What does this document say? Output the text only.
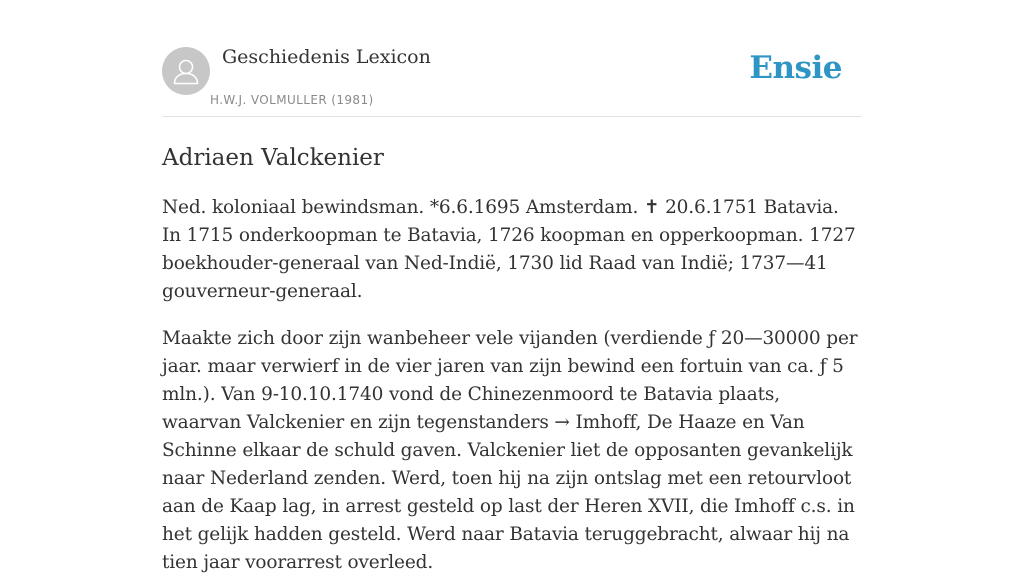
Geschiedenis Lexicon
H.W.J. VOLMULLER (1981)
Ensie
Adriaen Valckenier

Ned. koloniaal bewindsman. *6.6.1695 Amsterdam. ✝ 20.6.1751 Batavia. In 1715 onderkoopman te Batavia, 1726 koopman en opperkoopman. 1727 boekhouder-generaal van Ned-Indië, 1730 lid Raad van Indië; 1737—41 gouverneur-generaal.

Maakte zich door zijn wanbeheer vele vijanden (verdiende ƒ 20—30000 per jaar. maar verwierf in de vier jaren van zijn bewind een fortuin van ca. ƒ 5 mln.). Van 9-10.10.1740 vond de Chinezenmoord te Batavia plaats, waarvan Valckenier en zijn tegenstanders → Imhoff, De Haaze en Van Schinne elkaar de schuld gaven. Valckenier liet de opposanten gevankelijk naar Nederland zenden. Werd, toen hij na zijn ontslag met een retourvloot aan de Kaap lag, in arrest gesteld op last der Heren XVII, die Imhoff c.s. in het gelijk hadden gesteld. Werd naar Batavia teruggebracht, alwaar hij na tien jaar voorarrest overleed.
